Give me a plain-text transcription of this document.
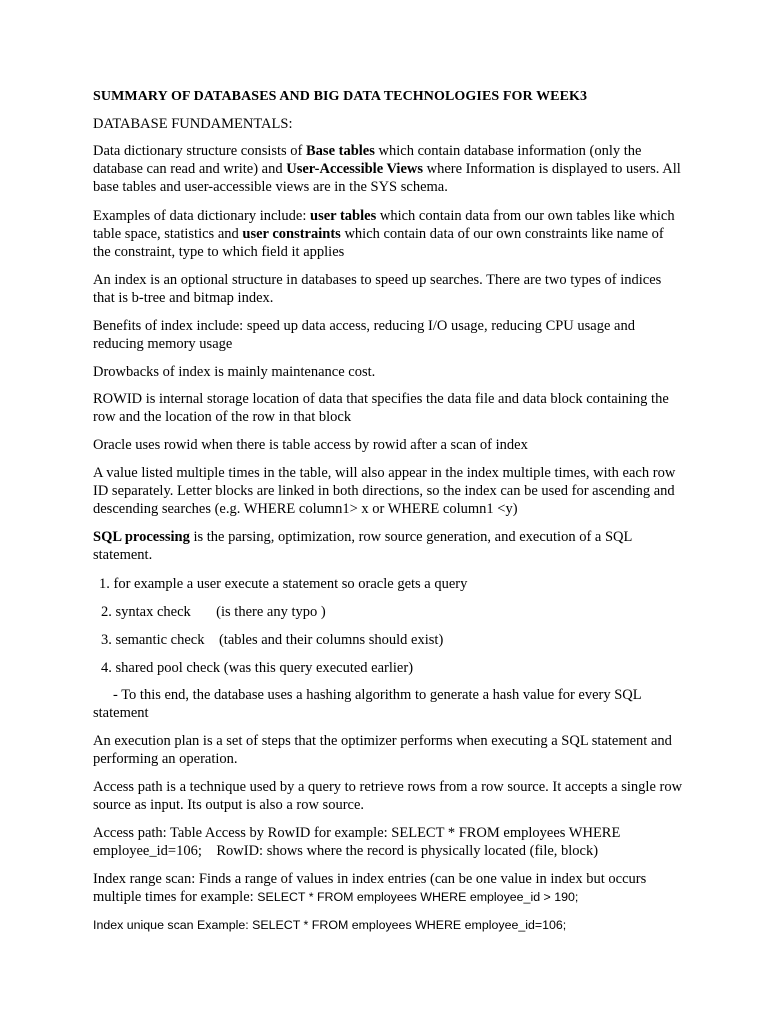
SUMMARY OF DATABASES AND BIG DATA TECHNOLOGIES FOR WEEK3

DATABASE FUNDAMENTALS:

Data dictionary structure consists of Base tables which contain database information (only the database can read and write) and User-Accessible Views where Information is displayed to users. All base tables and user-accessible views are in the SYS schema.

Examples of data dictionary include: user tables which contain data from our own tables like which table space, statistics and user constraints which contain data of our own constraints like name of the constraint, type to which field it applies

An index is an optional structure in databases to speed up searches. There are two types of indices that is b-tree and bitmap index.

Benefits of index include: speed up data access, reducing I/O usage, reducing CPU usage and reducing memory usage

Drowbacks of index is mainly maintenance cost.

ROWID is internal storage location of data that specifies the data file and data block containing the row and the location of the row in that block

Oracle uses rowid when there is table access by rowid after a scan of index

A value listed multiple times in the table, will also appear in the index multiple times, with each row ID separately. Letter blocks are linked in both directions, so the index can be used for ascending and descending searches (e.g. WHERE column1> x or WHERE column1 <y)

SQL processing is the parsing, optimization, row source generation, and execution of a SQL statement.

1. for example a user execute a statement so oracle gets a query

2. syntax check       (is there any typo )

3. semantic check    (tables and their columns should exist)

4. shared pool check (was this query executed earlier)

- To this end, the database uses a hashing algorithm to generate a hash value for every SQL statement

An execution plan is a set of steps that the optimizer performs when executing a SQL statement and performing an operation.

Access path is a technique used by a query to retrieve rows from a row source. It accepts a single row source as input. Its output is also a row source.

Access path: Table Access by RowID for example: SELECT * FROM employees WHERE employee_id=106;    RowID: shows where the record is physically located (file, block)

Index range scan: Finds a range of values in index entries (can be one value in index but occurs multiple times for example: SELECT * FROM employees WHERE employee_id > 190;

Index unique scan Example: SELECT * FROM employees WHERE employee_id=106;
